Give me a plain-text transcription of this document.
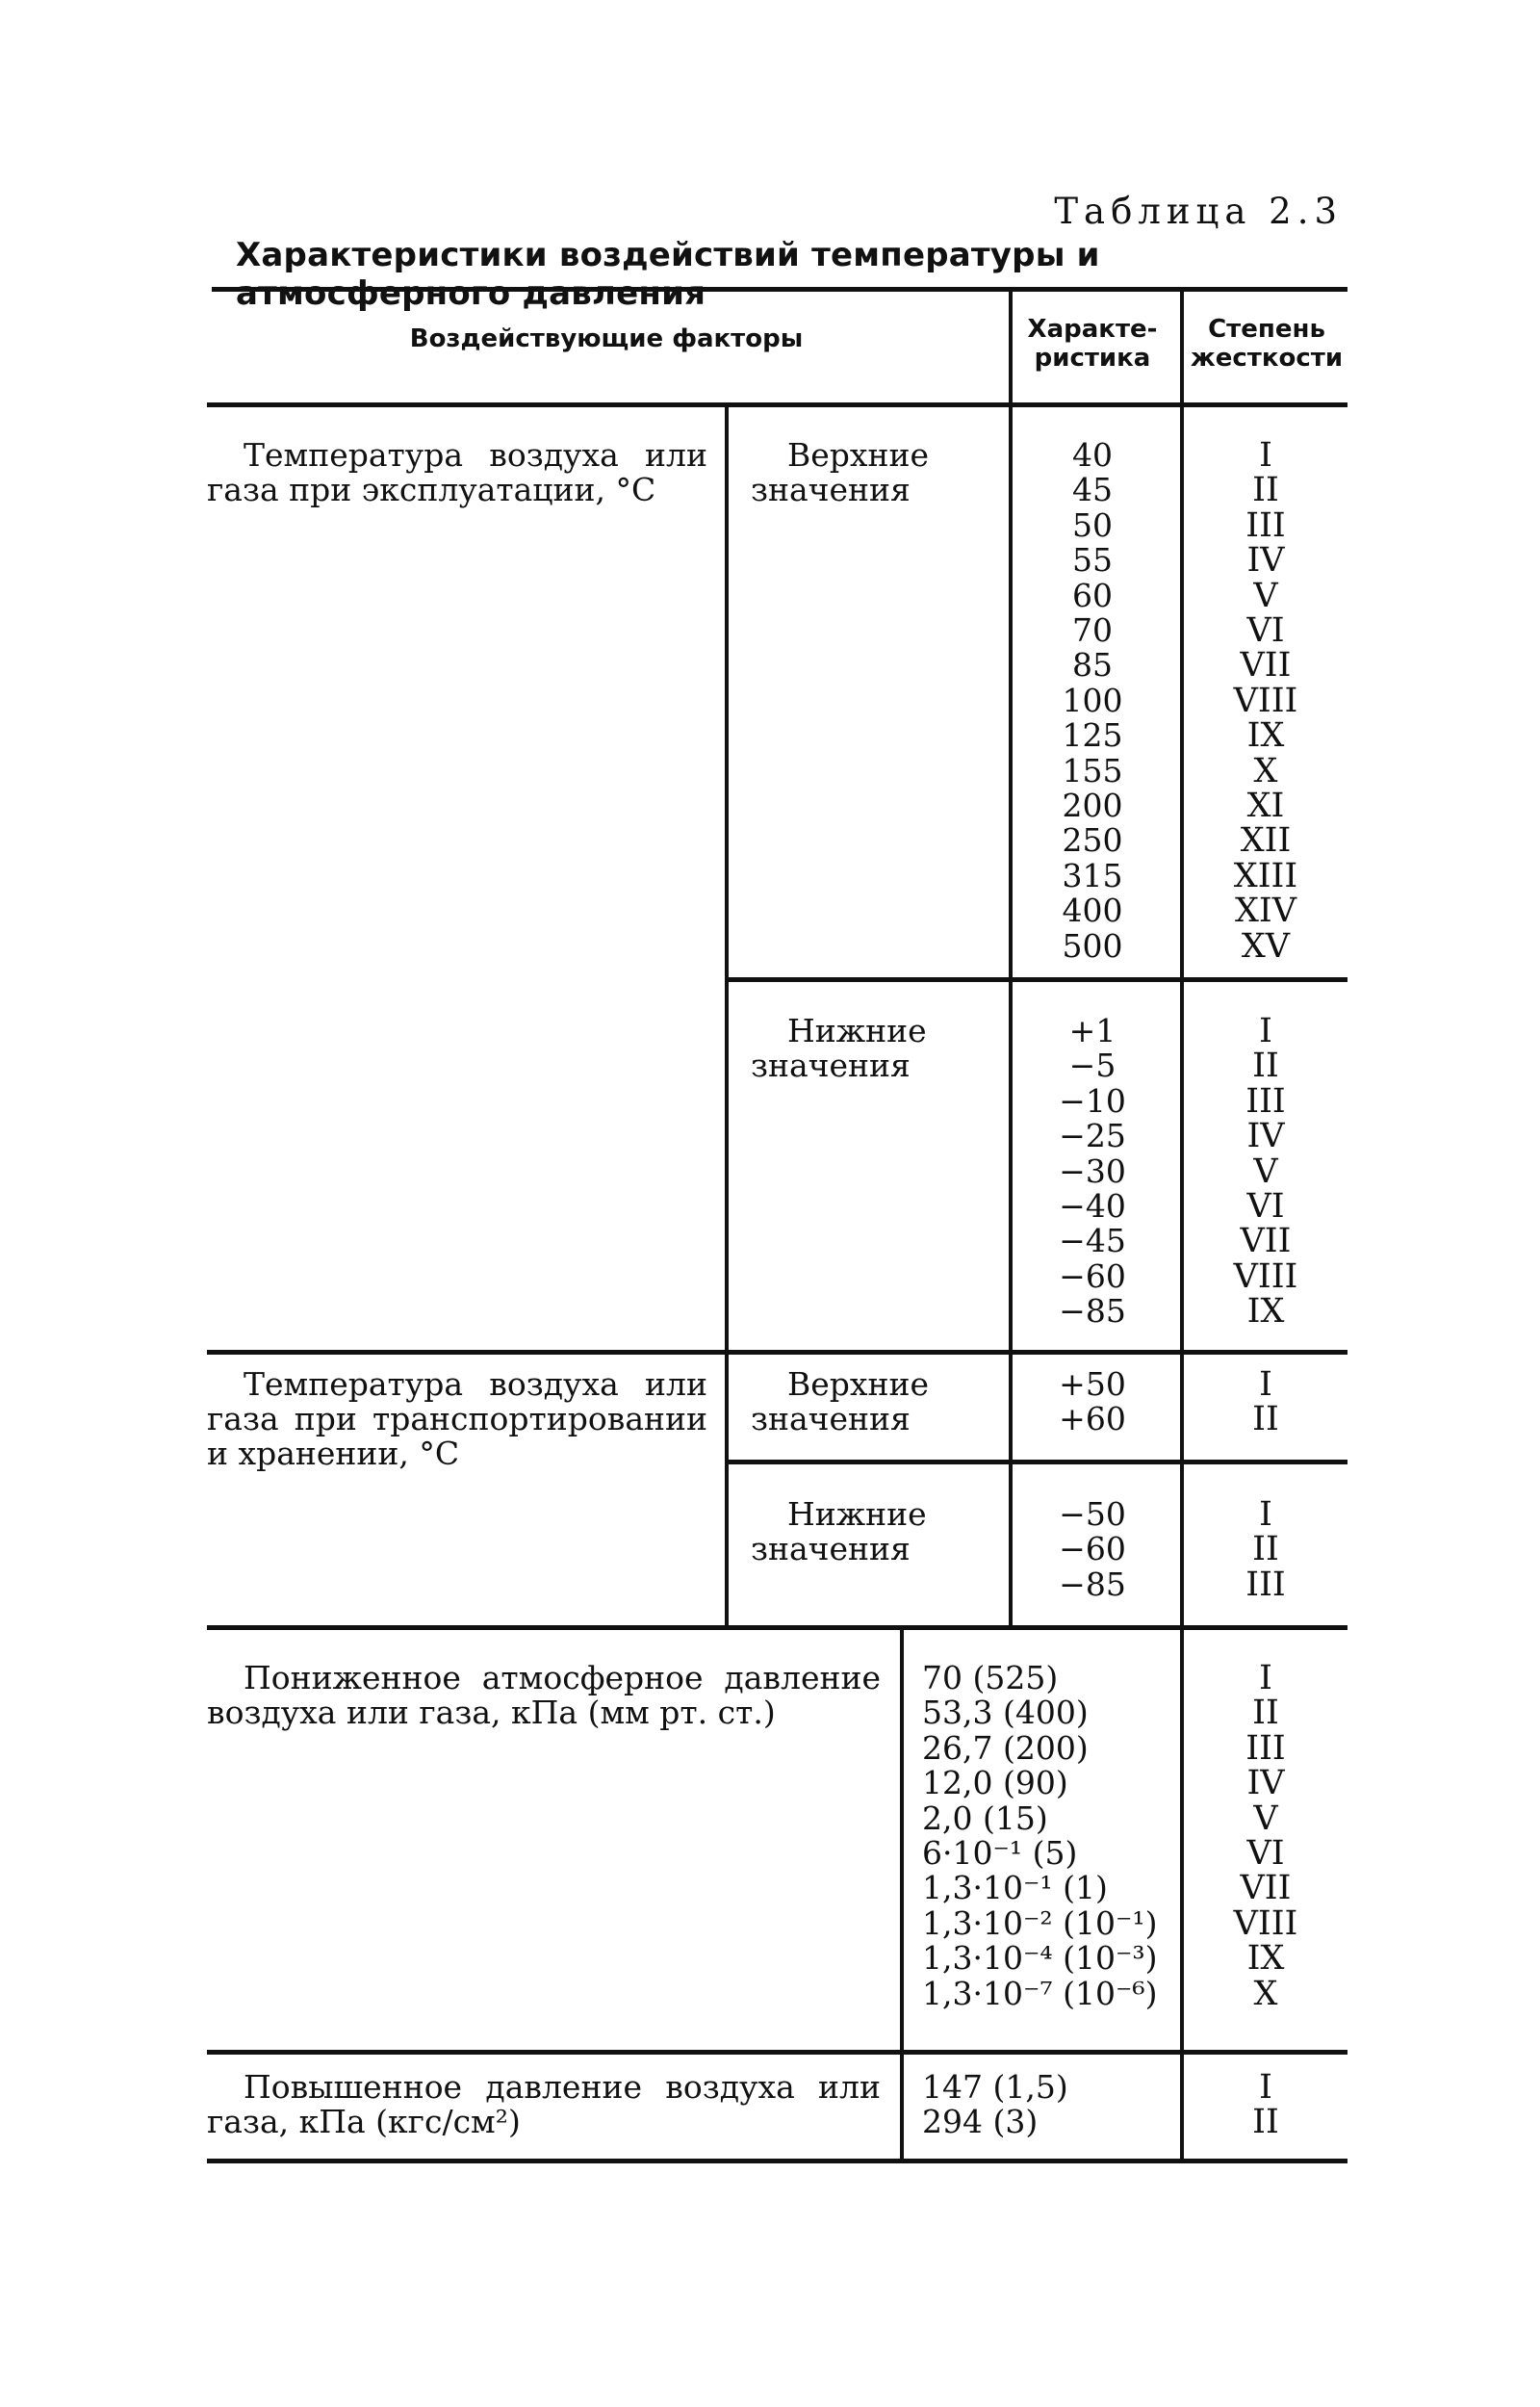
Таблица 2.3
Характеристики воздействий температуры и атмосферного давления
Воздействующие факторы	Характе- ристика
Степень жесткости
Температура воздуха или газа при эксплуатации, °C
Верхние значения
40
45
50
55
60
70
85
100
125
155
200
250
315
400
500
I
II
III
IV
V
VI
VII
VIII
IX
X
XI
XII
XIII
XIV
XV
Нижние значения
+1
−5
−10
−25
−30
−40
−45
−60
−85
I
II
III
IV
V
VI
VII
VIII
IX
Температура воздуха или газа при транспортировании и хранении, °C
Верхние значения
+50
+60
I
II
Нижние значения
−50
−60
−85
I
II
III
Пониженное атмосферное давление воздуха или газа, кПа (мм рт. ст.)
70 (525)
53,3 (400)
26,7 (200)
12,0 (90)
2,0 (15)
6·10⁻¹ (5)
1,3·10⁻¹ (1)
1,3·10⁻² (10⁻¹)
1,3·10⁻⁴ (10⁻³)
1,3·10⁻⁷ (10⁻⁶)
I
II
III
IV
V
VI
VII
VIII
IX
X
Повышенное давление воздуха или газа, кПа (кгс/см²)
147 (1,5)
294 (3)
I
II
